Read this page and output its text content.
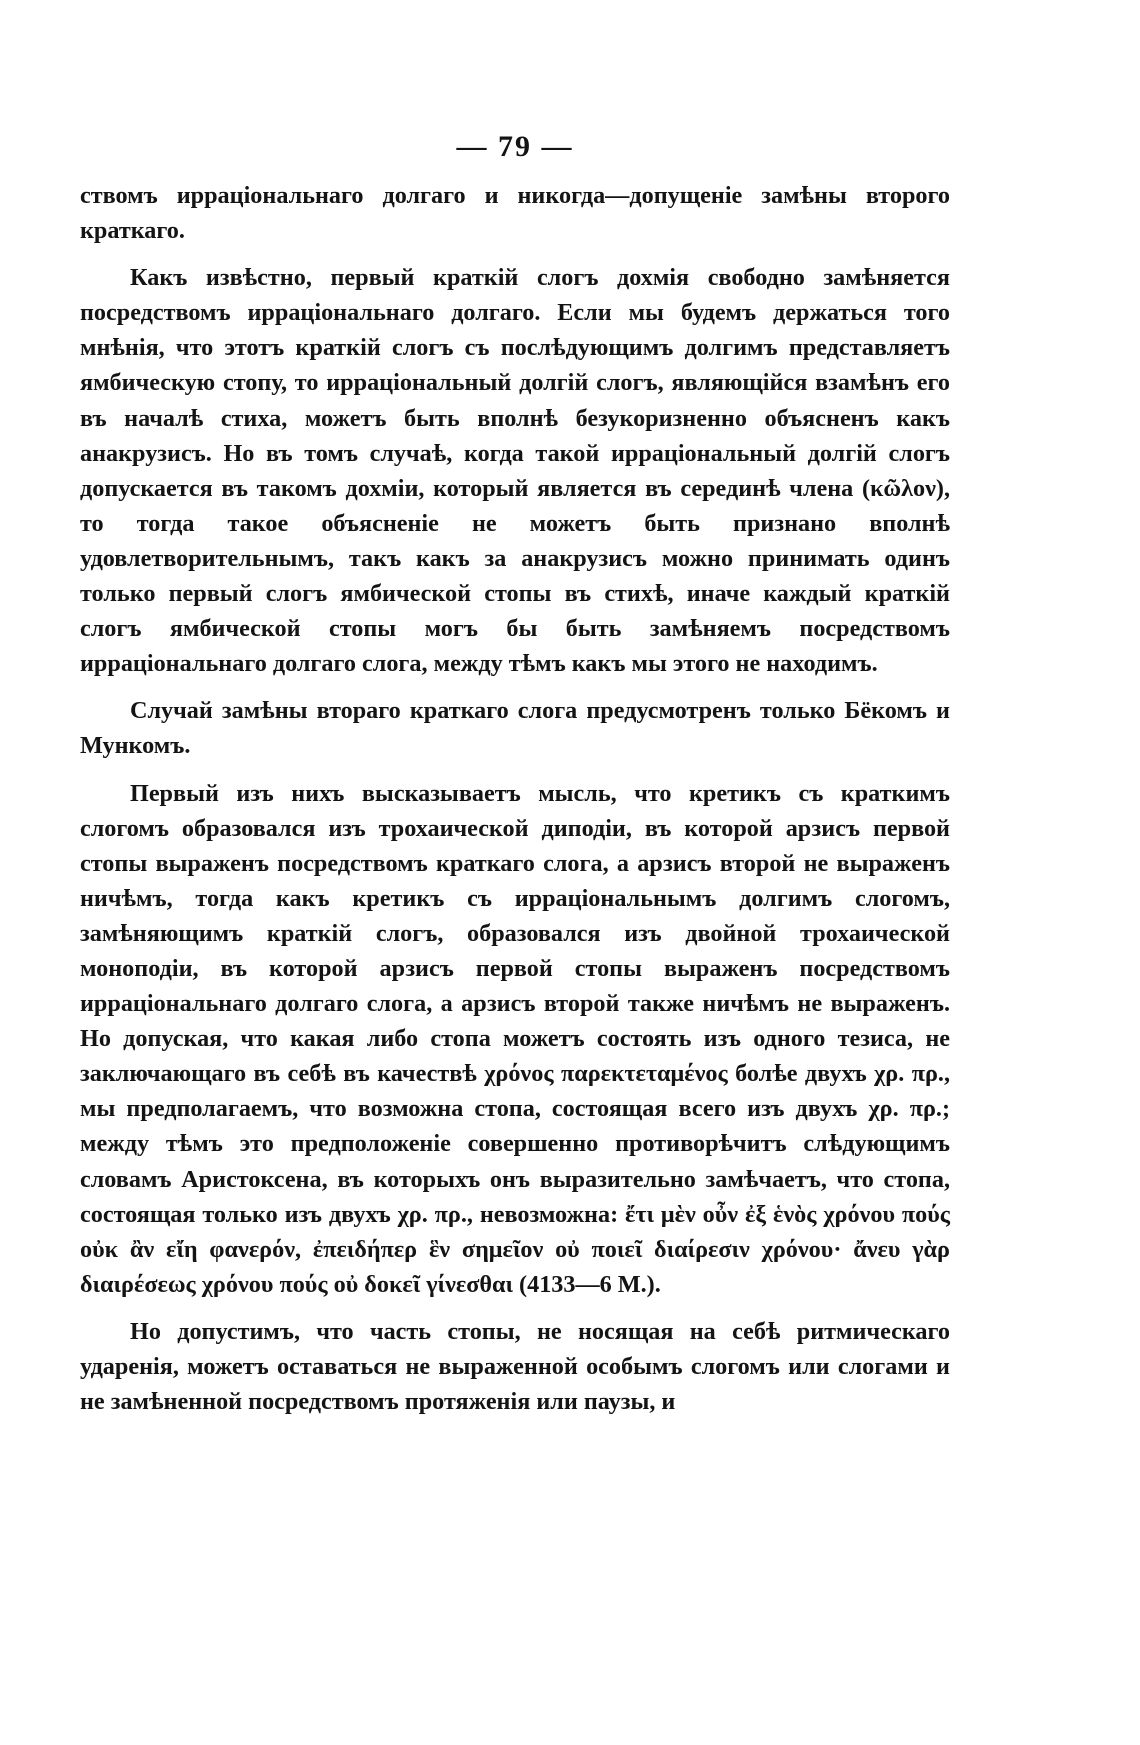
— 79 —

ствомъ ирраціональнаго долгаго и никогда—допущеніе замѣны второго краткаго.

Какъ извѣстно, первый краткій слогъ дохмія свободно замѣняется посредствомъ ирраціональнаго долгаго. Если мы будемъ держаться того мнѣнія, что этотъ краткій слогъ съ послѣдующимъ долгимъ представляетъ ямбическую стопу, то ирраціональный долгій слогъ, являющійся взамѣнъ его въ началѣ стиха, можетъ быть вполнѣ безукоризненно объясненъ какъ анакрузисъ. Но въ томъ случаѣ, когда такой ирраціональный долгій слогъ допускается въ такомъ дохміи, который является въ серединѣ члена (κῶλον), то тогда такое объясненіе не можетъ быть признано вполнѣ удовлетворительнымъ, такъ какъ за анакрузисъ можно принимать одинъ только первый слогъ ямбической стопы въ стихѣ, иначе каждый краткій слогъ ямбической стопы могъ бы быть замѣняемъ посредствомъ ирраціональнаго долгаго слога, между тѣмъ какъ мы этого не находимъ.

Случай замѣны втораго краткаго слога предусмотренъ только Бёкомъ и Мункомъ.

Первый изъ нихъ высказываетъ мысль, что кретикъ съ краткимъ слогомъ образовался изъ трохаической диподіи, въ которой арзисъ первой стопы выраженъ посредствомъ краткаго слога, а арзисъ второй не выраженъ ничѣмъ, тогда какъ кретикъ съ ирраціональнымъ долгимъ слогомъ, замѣняющимъ краткій слогъ, образовался изъ двойной трохаической моноподіи, въ которой арзисъ первой стопы выраженъ посредствомъ ирраціональнаго долгаго слога, а арзисъ второй также ничѣмъ не выраженъ. Но допуская, что какая либо стопа можетъ состоять изъ одного тезиса, не заключающаго въ себѣ въ качествѣ χρόνος παρεκτεταμένος болѣе двухъ χρ. πρ., мы предполагаемъ, что возможна стопа, состоящая всего изъ двухъ χρ. πρ.; между тѣмъ это предположеніе совершенно противорѣчитъ слѣдующимъ словамъ Аристоксена, въ которыхъ онъ выразительно замѣчаетъ, что стопа, состоящая только изъ двухъ χρ. πρ., невозможна: ἔτι μὲν οὖν ἐξ ἑνὸς χρόνου πούς οὐκ ἂν εἴη φανερόν, ἐπειδήπερ ἓν σημεῖον οὐ ποιεῖ διαίρεσιν χρόνου· ἄνευ γὰρ διαιρέσεως χρόνου πούς οὐ δοκεῖ γίνεσθαι (4133—6 M.).

Но допустимъ, что часть стопы, не носящая на себѣ ритмическаго ударенія, можетъ оставаться не выраженной особымъ слогомъ или слогами и не замѣненной посредствомъ протяженія или паузы, и
